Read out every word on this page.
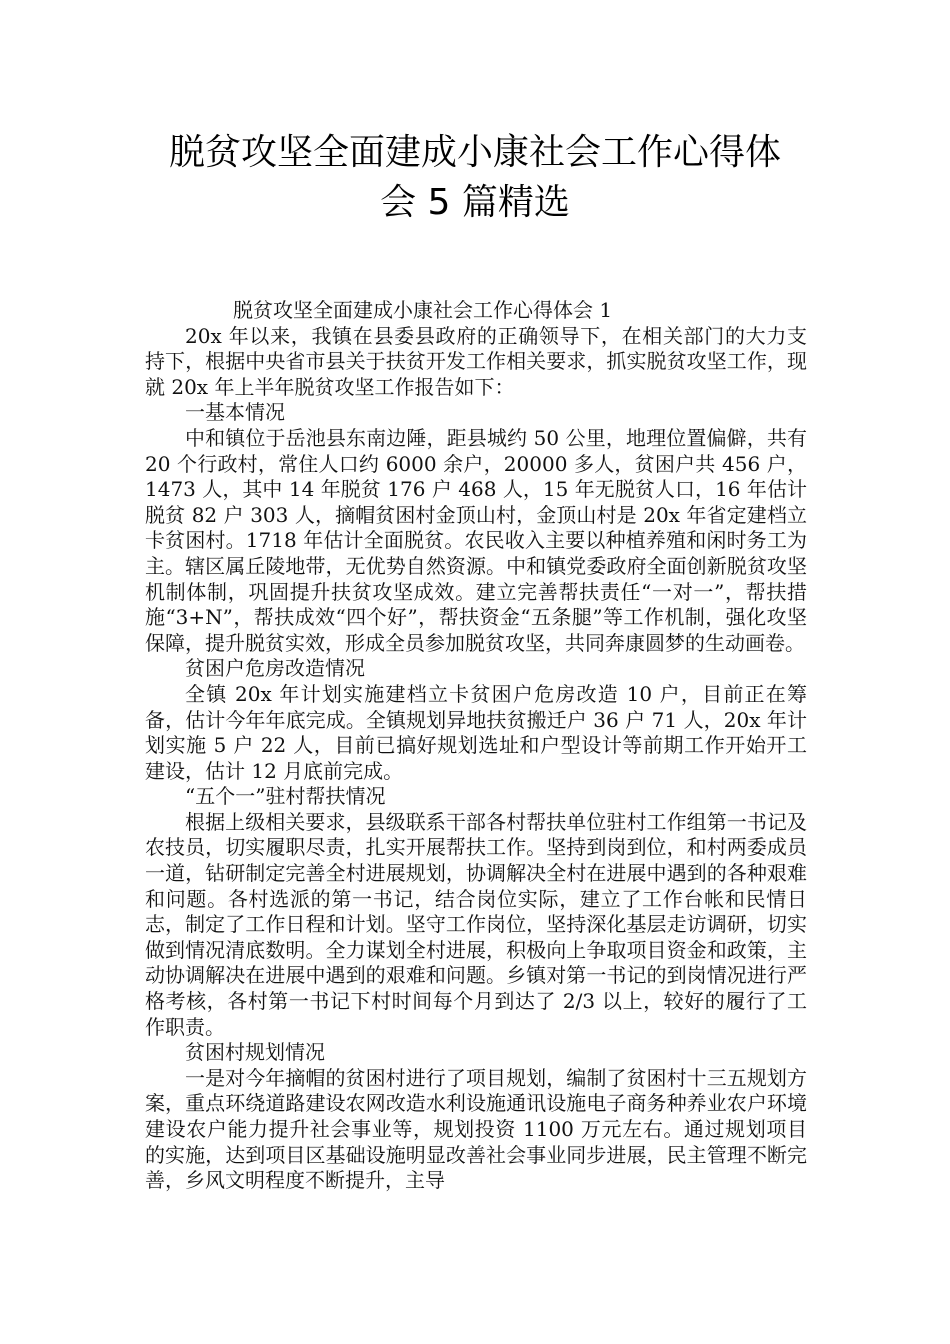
脱贫攻坚全面建成小康社会工作心得体
会 5 篇精选

脱贫攻坚全面建成小康社会工作心得体会 1

20x 年以来，我镇在县委县政府的正确领导下，在相关部门的大力支持下，根据中央省市县关于扶贫开发工作相关要求，抓实脱贫攻坚工作，现就 20x 年上半年脱贫攻坚工作报告如下：

一基本情况

中和镇位于岳池县东南边陲，距县城约 50 公里，地理位置偏僻，共有 20 个行政村，常住人口约 6000 余户，20000 多人，贫困户共 456 户，1473 人，其中 14 年脱贫 176 户 468 人，15 年无脱贫人口，16 年估计脱贫 82 户 303 人，摘帽贫困村金顶山村，金顶山村是 20x 年省定建档立卡贫困村。1718 年估计全面脱贫。农民收入主要以种植养殖和闲时务工为主。辖区属丘陵地带，无优势自然资源。中和镇党委政府全面创新脱贫攻坚机制体制，巩固提升扶贫攻坚成效。建立完善帮扶责任“一对一”，帮扶措施“3+N”，帮扶成效“四个好”，帮扶资金“五条腿”等工作机制，强化攻坚保障，提升脱贫实效，形成全员参加脱贫攻坚，共同奔康圆梦的生动画卷。

贫困户危房改造情况

全镇 20x 年计划实施建档立卡贫困户危房改造 10 户，目前正在筹备，估计今年年底完成。全镇规划异地扶贫搬迁户 36 户 71 人，20x 年计划实施 5 户 22 人，目前已搞好规划选址和户型设计等前期工作开始开工建设，估计 12 月底前完成。

“五个一”驻村帮扶情况

根据上级相关要求，县级联系干部各村帮扶单位驻村工作组第一书记及农技员，切实履职尽责，扎实开展帮扶工作。坚持到岗到位，和村两委成员一道，钻研制定完善全村进展规划，协调解决全村在进展中遇到的各种艰难和问题。各村选派的第一书记，结合岗位实际，建立了工作台帐和民情日志，制定了工作日程和计划。坚守工作岗位，坚持深化基层走访调研，切实做到情况清底数明。全力谋划全村进展，积极向上争取项目资金和政策，主动协调解决在进展中遇到的艰难和问题。乡镇对第一书记的到岗情况进行严格考核，各村第一书记下村时间每个月到达了 2/3 以上，较好的履行了工作职责。

贫困村规划情况

一是对今年摘帽的贫困村进行了项目规划，编制了贫困村十三五规划方案，重点环绕道路建设农网改造水利设施通讯设施电子商务种养业农户环境建设农户能力提升社会事业等，规划投资 1100 万元左右。通过规划项目的实施，达到项目区基础设施明显改善社会事业同步进展，民主管理不断完善，乡风文明程度不断提升，主导
